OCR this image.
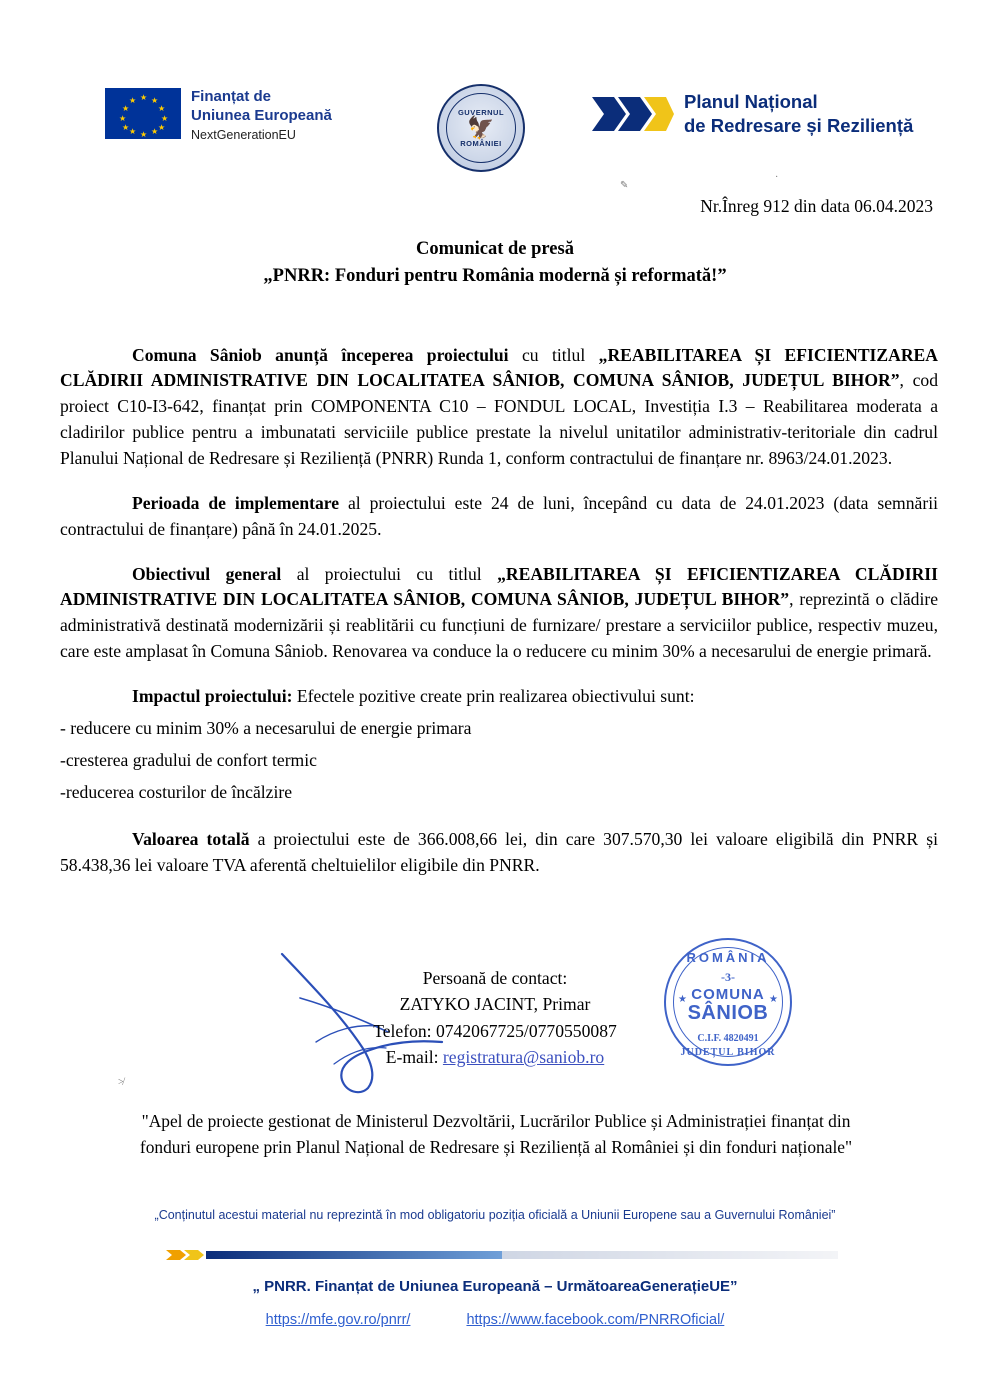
★ ★
★
★
★
★
★
★
★
★
★
★	Finanțat de
Uniunea Europeană
NextGenerationEU
GUVERNUL
🦅
ROMÂNIEI
Planul Național
de Redresare și Reziliență
✎
·
≯
Nr.Înreg 912 din data 06.04.2023
Comunicat de presă
„PNRR: Fonduri pentru România modernă și reformată!”

Comuna Sâniob anunță începerea proiectului cu titlul „REABILITAREA ȘI EFICIENTIZAREA CLĂDIRII ADMINISTRATIVE DIN LOCALITATEA SÂNIOB, COMUNA SÂNIOB, JUDEȚUL BIHOR”, cod proiect C10-I3-642, finanțat prin COMPONENTA C10 – FONDUL LOCAL, Investiția I.3 – Reabilitarea moderata a cladirilor publice pentru a imbunatati serviciile publice prestate la nivelul unitatilor administrativ-teritoriale din cadrul Planului Național de Redresare și Reziliență (PNRR) Runda 1, conform contractului de finanțare nr. 8963/24.01.2023.

Perioada de implementare al proiectului este 24 de luni, începând cu data de 24.01.2023 (data semnării contractului de finanțare) până în 24.01.2025.

Obiectivul general al proiectului cu titlul „REABILITAREA ȘI EFICIENTIZAREA CLĂDIRII ADMINISTRATIVE DIN LOCALITATEA SÂNIOB, COMUNA SÂNIOB, JUDEȚUL BIHOR”, reprezintă o clădire administrativă destinată modernizării și reablitării cu funcțiuni de furnizare/ prestare a serviciilor publice, respectiv muzeu, care este amplasat în Comuna Sâniob. Renovarea va conduce la o reducere cu minim 30% a necesarului de energie primară.

Impactul proiectului: Efectele pozitive create prin realizarea obiectivului sunt:

- reducere cu minim 30% a necesarului de energie primara

-cresterea gradului de confort termic

-reducerea costurilor de încălzire

Valoarea totală a proiectului este de 366.008,66 lei, din care 307.570,30 lei valoare eligibilă din PNRR și 58.438,36 lei valoare TVA aferentă cheltuielilor eligibile din PNRR.

ROMÂNIA
-3-
COMUNA
SÂNIOB
C.I.F. 4820491
JUDEȚUL BIHOR
★	★
Persoană de contact:
ZATYKO JACINT, Primar
Telefon: 0742067725/0770550087
E-mail: registratura@saniob.ro
"Apel de proiecte gestionat de Ministerul Dezvoltării, Lucrărilor Publice și Administrației finanțat din
fonduri europene prin Planul Național de Redresare și Reziliență al României și din fonduri naționale"
„Conținutul acestui material nu reprezintă în mod obligatoriu poziția oficială a Uniunii Europene sau a Guvernului României”
„ PNRR. Finanțat de Uniunea Europeană – UrmătoareaGenerațieUE”
https://mfe.gov.ro/pnrr/	https://www.facebook.com/PNRROficial/
